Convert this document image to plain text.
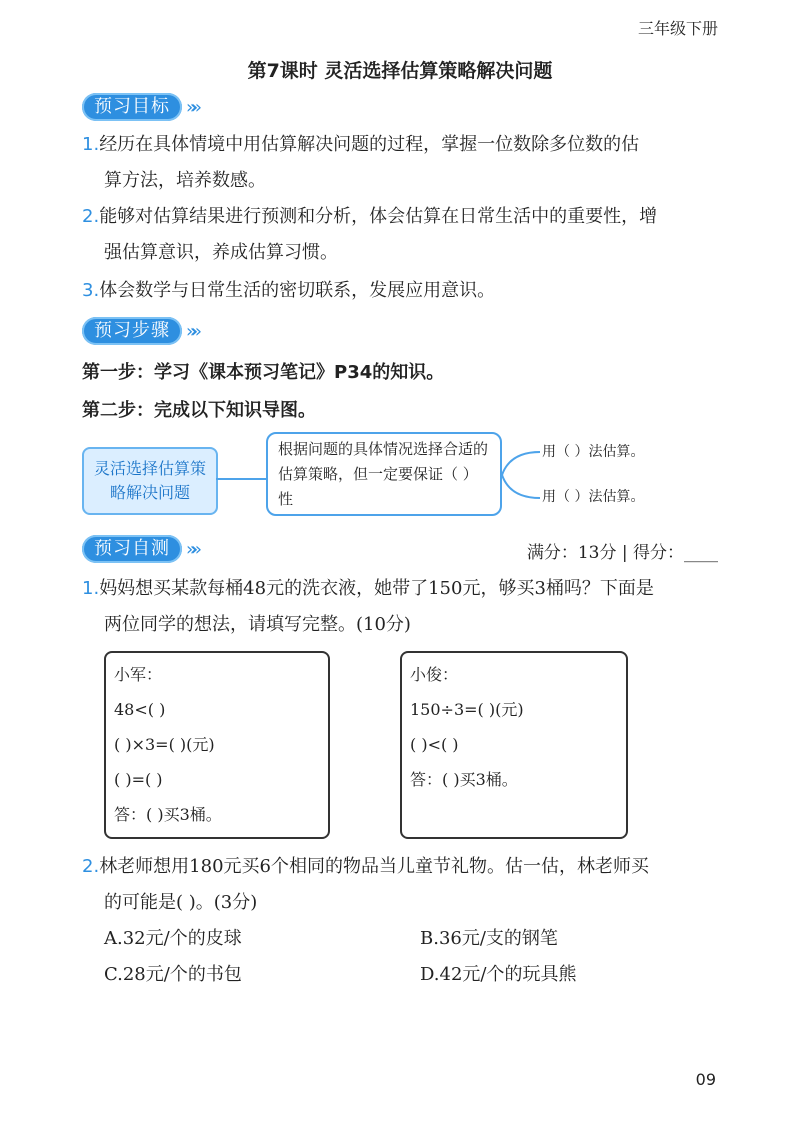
三年级下册
第7课时 灵活选择估算策略解决问题
预习目标 »»
1.经历在具体情境中用估算解决问题的过程，掌握一位数除多位数的估
算方法，培养数感。
2.能够对估算结果进行预测和分析，体会估算在日常生活中的重要性，增
强估算意识，养成估算习惯。
3.体会数学与日常生活的密切联系，发展应用意识。
预习步骤 »»
第一步：学习《课本预习笔记》P34的知识。
第二步：完成以下知识导图。
灵活选择估算策略解决问题
根据问题的具体情况选择合适的估算策略，但一定要保证（ ）性
用（ ）法估算。
用（ ）法估算。
预习自测 »»	满分：13分 | 得分：____
1.妈妈想买某款每桶48元的洗衣液，她带了150元，够买3桶吗？下面是
两位同学的想法，请填写完整。(10分)
小军：
48<( )
( )×3=( )(元)
( )=( )
答：( )买3桶。
小俊：
150÷3=( )(元)
( )<( )
答：( )买3桶。
2.林老师想用180元买6个相同的物品当儿童节礼物。估一估，林老师买
的可能是( )。(3分)
A.32元/个的皮球	B.36元/支的钢笔
C.28元/个的书包	D.42元/个的玩具熊
09
